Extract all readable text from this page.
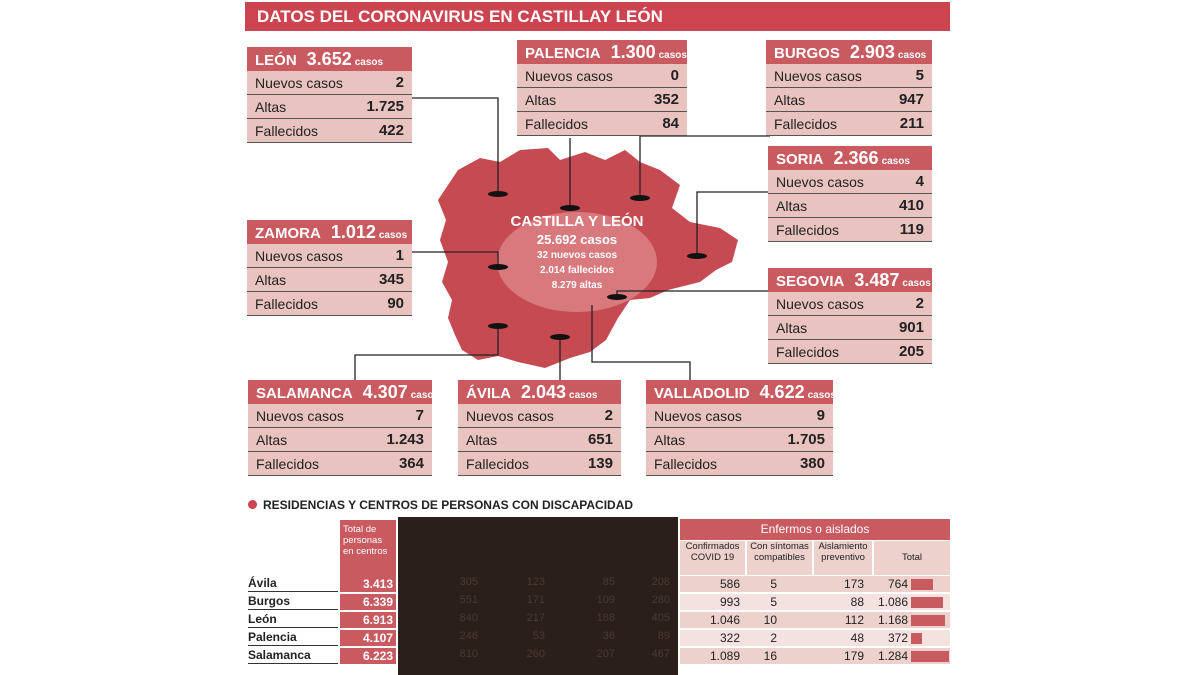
DATOS DEL CORONAVIRUS EN CASTILLAY LEÓN
CASTILLA Y LEÓN
25.692 casos
32 nuevos casos
2.014 fallecidos
8.279 altas
LEÓN 3.652 casos
Nuevos casos	2
Altas	1.725
Fallecidos	422
PALENCIA 1.300 casos
Nuevos casos	0
Altas	352
Fallecidos	84
BURGOS 2.903 casos
Nuevos casos	5
Altas	947
Fallecidos	211
SORIA 2.366 casos
Nuevos casos	4
Altas	410
Fallecidos	119
ZAMORA 1.012 casos
Nuevos casos	1
Altas	345
Fallecidos	90
SEGOVIA 3.487 casos
Nuevos casos	2
Altas	901
Fallecidos	205
SALAMANCA 4.307 casos
Nuevos casos	7
Altas	1.243
Fallecidos	364
ÁVILA 2.043 casos
Nuevos casos	2
Altas	651
Fallecidos	139
VALLADOLID 4.622 casos
Nuevos casos	9
Altas	1.705
Fallecidos	380
RESIDENCIAS Y CENTROS DE PERSONAS CON DISCAPACIDAD
Total de personas en centros
Enfermos o aislados
Confirmados COVID 19
Con síntomas compatibles
Aislamiento preventivo	Total
Ávila	3.413	305	123	85	208	586	5	173	764
Burgos	6.339	551	171	109	280	993	5	88	1.086
León	6.913	840	217	188	405	1.046	10	112	1.168
Palencia	4.107	246	53	36	89	322	2	48	372
Salamanca	6.223	810	260	207	467	1.089	16	179	1.284
